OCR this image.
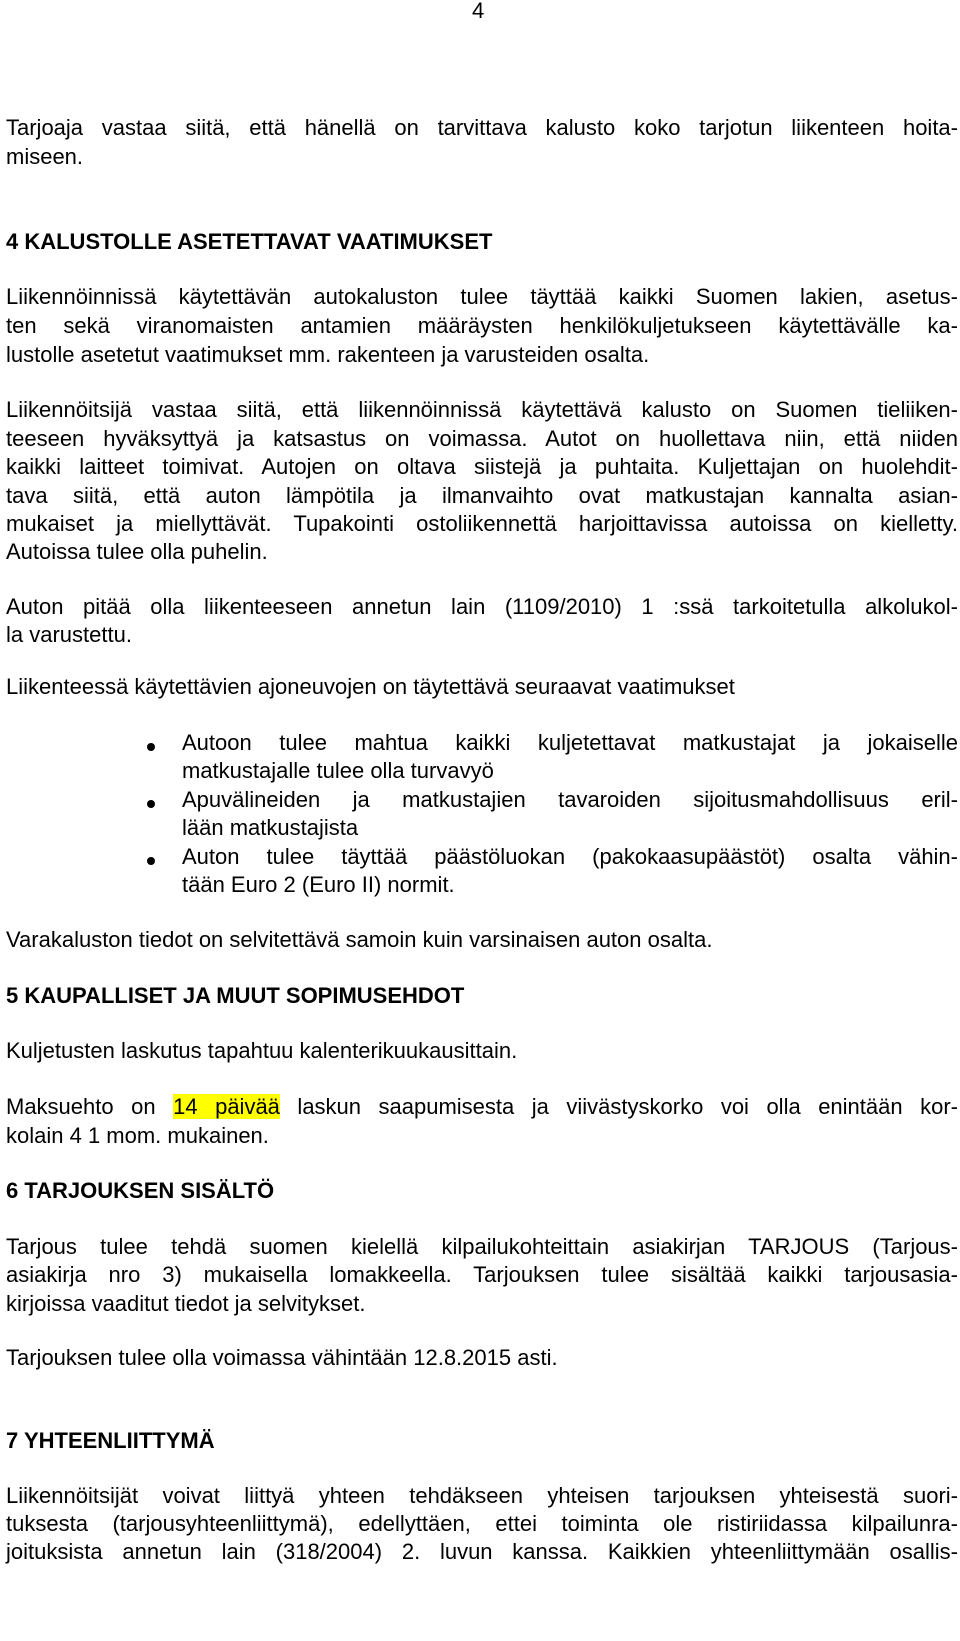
4

Tarjoaja vastaa siitä, että hänellä on tarvittava kalusto koko tarjotun liikenteen hoita-

miseen.

4 KALUSTOLLE ASETETTAVAT VAATIMUKSET

Liikennöinnissä käytettävän autokaluston tulee täyttää kaikki Suomen lakien, asetus-

ten sekä viranomaisten antamien määräysten henkilökuljetukseen käytettävälle ka-

lustolle asetetut vaatimukset mm. rakenteen ja varusteiden osalta.

Liikennöitsijä vastaa siitä, että liikennöinnissä käytettävä kalusto on Suomen tieliiken-

teeseen hyväksyttyä ja katsastus on voimassa. Autot on huollettava niin, että niiden

kaikki laitteet toimivat. Autojen on oltava siistejä ja puhtaita. Kuljettajan on huolehdit-

tava siitä, että auton lämpötila ja ilmanvaihto ovat matkustajan kannalta asian-

mukaiset ja miellyttävät. Tupakointi ostoliikennettä harjoittavissa autoissa on kielletty.

Autoissa tulee olla puhelin.

Auton pitää olla liikenteeseen annetun lain (1109/2010) 1 :ssä tarkoitetulla alkolukol-

la varustettu.

Liikenteessä käytettävien ajoneuvojen on täytettävä seuraavat vaatimukset

Autoon tulee mahtua kaikki kuljetettavat matkustajat ja jokaiselle

matkustajalle tulee olla turvavyö

Apuvälineiden ja matkustajien tavaroiden sijoitusmahdollisuus eril-

lään matkustajista

Auton tulee täyttää päästöluokan (pakokaasupäästöt) osalta vähin-

tään Euro 2 (Euro II) normit.

Varakaluston tiedot on selvitettävä samoin kuin varsinaisen auton osalta.

5 KAUPALLISET JA MUUT SOPIMUSEHDOT

Kuljetusten laskutus tapahtuu kalenterikuukausittain.

Maksuehto on 14 päivää laskun saapumisesta ja viivästyskorko voi olla enintään kor-

kolain 4 1 mom. mukainen.

6 TARJOUKSEN SISÄLTÖ

Tarjous tulee tehdä suomen kielellä kilpailukohteittain asiakirjan TARJOUS (Tarjous-

asiakirja nro 3) mukaisella lomakkeella. Tarjouksen tulee sisältää kaikki tarjousasia-

kirjoissa vaaditut tiedot ja selvitykset.

Tarjouksen tulee olla voimassa vähintään 12.8.2015 asti.

7 YHTEENLIITTYMÄ

Liikennöitsijät voivat liittyä yhteen tehdäkseen yhteisen tarjouksen yhteisestä suori-

tuksesta (tarjousyhteenliittymä), edellyttäen, ettei toiminta ole ristiriidassa kilpailunra-

joituksista annetun lain (318/2004) 2. luvun kanssa. Kaikkien yhteenliittymään osallis-
